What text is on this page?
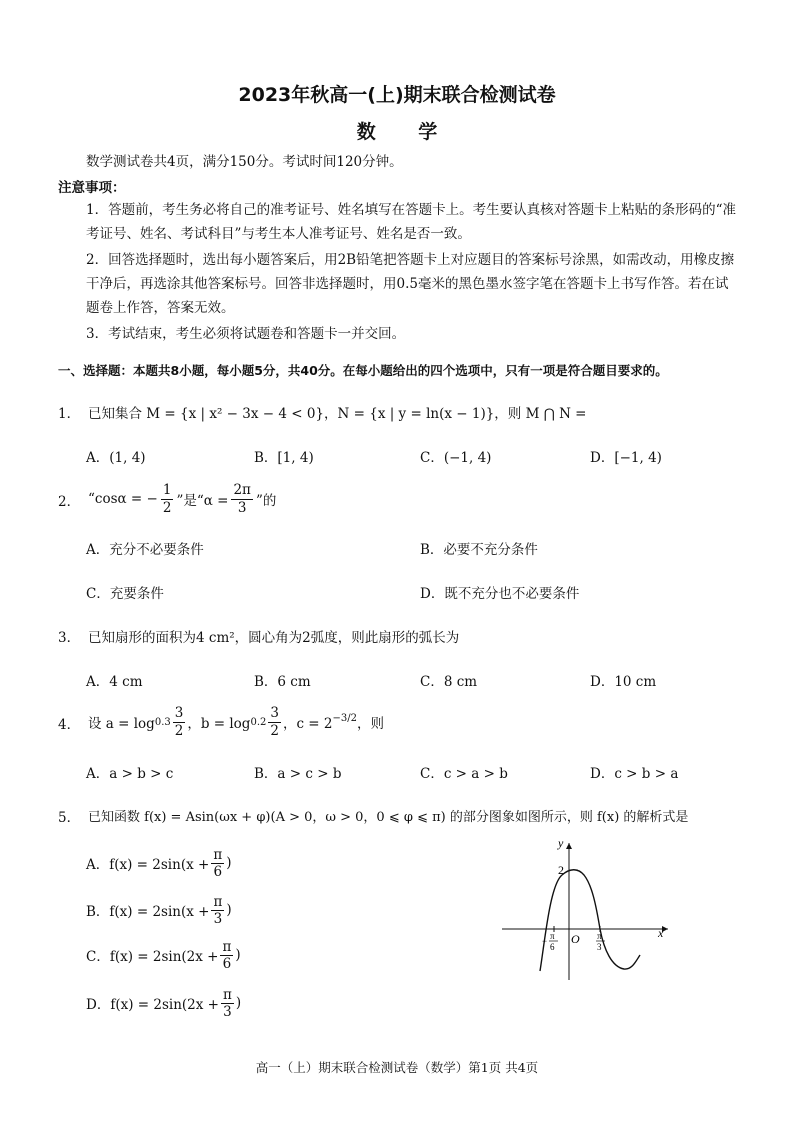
2023年秋高一(上)期末联合检测试卷
数 学
数学测试卷共4页，满分150分。考试时间120分钟。
注意事项：
1．答题前，考生务必将自己的准考证号、姓名填写在答题卡上。考生要认真核对答题卡上粘贴的条形码的“准考证号、姓名、考试科目”与考生本人准考证号、姓名是否一致。
2．回答选择题时，选出每小题答案后，用2B铅笔把答题卡上对应题目的答案标号涂黑，如需改动，用橡皮擦干净后，再选涂其他答案标号。回答非选择题时，用0.5毫米的黑色墨水签字笔在答题卡上书写作答。若在试题卷上作答，答案无效。
3．考试结束，考生必须将试题卷和答题卡一并交回。
一、选择题：本题共8小题，每小题5分，共40分。在每小题给出的四个选项中，只有一项是符合题目要求的。
1． 已知集合 M = {x | x² − 3x − 4 < 0}，N = {x | y = ln(x − 1)}，则 M ⋂ N =
A．(1, 4)	B．[1, 4)	C．(−1, 4)	D．[−1, 4)
2． “cosα = − $\frac{1}{2}$ ”是“$\alpha = \frac{2\pi}{3}$ ”的
A．充分不必要条件	B．必要不充分条件
C．充要条件	D．既不充分也不必要条件
3． 已知扇形的面积为4 cm²，圆心角为2弧度，则此扇形的弧长为
A．4 cm	B．6 cm	C．8 cm	D．10 cm
4． 设 $a = \log 0.3 \frac{3}{2}$ ，$b = \log 0.2 \frac{3}{2}$ ，$c = 2^{-3/2}$ ，则
A．a > b > c	B．a > c > b	C．c > a > b	D．c > b > a
5． 已知函数 f(x) = Asin(ωx + φ)(A > 0，ω > 0，0 ⩽ φ ⩽ π) 的部分图象如图所示，则 f(x) 的解析式是
A．$f(x) = 2\sin(x + \frac{\pi}{6}$ )
B．$f(x) = 2\sin(x + \frac{\pi}{3}$ )
C．$f(x) = 2\sin(2x + \frac{\pi}{6}$ )
D．$f(x) = 2\sin(2x + \frac{\pi}{3}$ )
y
x
2
O
− π
6
π
3
高一（上）期末联合检测试卷（数学）第1页 共4页
